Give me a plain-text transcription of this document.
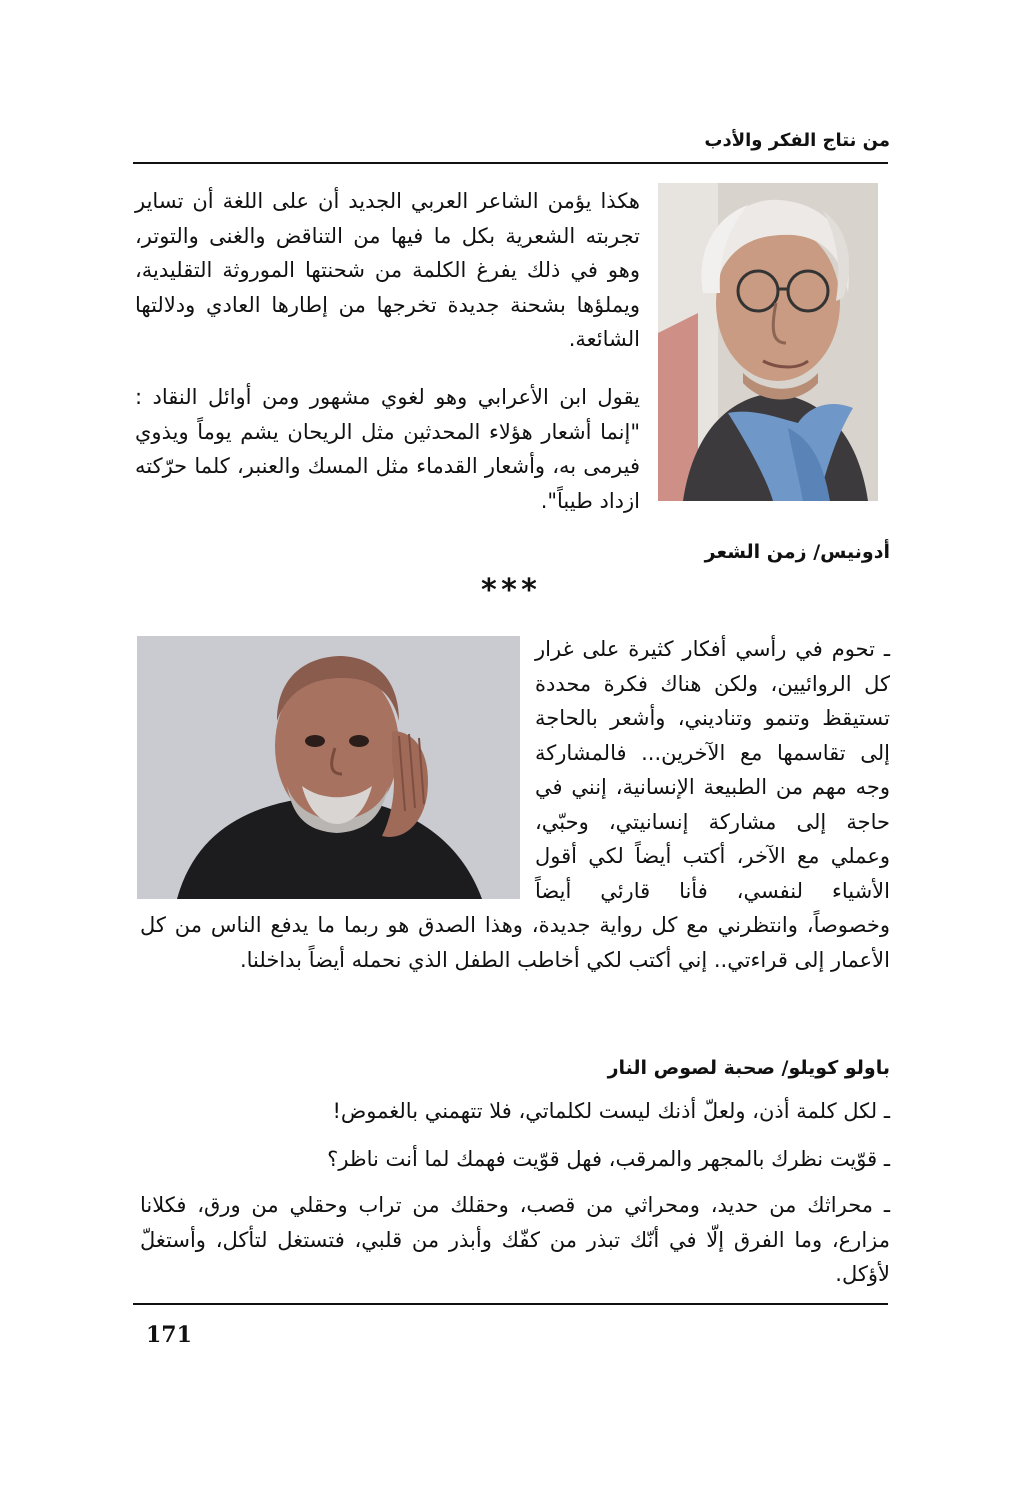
من نتاج الفكر والأدب

هكذا يؤمن الشاعر العربي الجديد أن على اللغة أن تساير تجربته الشعرية بكل ما فيها من التناقض والغنى والتوتر، وهو في ذلك يفرغ الكلمة من شحنتها الموروثة التقليدية، ويملؤها بشحنة جديدة تخرجها من إطارها العادي ودلالتها الشائعة.

يقول ابن الأعرابي وهو لغوي مشهور ومن أوائل النقاد : "إنما أشعار هؤلاء المحدثين مثل الريحان يشم يوماً ويذوي فيرمى به، وأشعار القدماء مثل المسك والعنبر، كلما حرّكته ازداد طيباً".

أدونيس/ زمن الشعر
***

ـ تحوم في رأسي أفكار كثيرة على غرار كل الروائيين، ولكن هناك فكرة محددة تستيقظ وتنمو وتناديني، وأشعر بالحاجة إلى تقاسمها مع الآخرين... فالمشاركة وجه مهم من الطبيعة الإنسانية، إنني في حاجة إلى مشاركة إنسانيتي، وحبّي، وعملي مع الآخر، أكتب أيضاً لكي أقول الأشياء لنفسي، فأنا قارئي أيضاً وخصوصاً، وانتظرني مع كل رواية جديدة، وهذا الصدق هو ربما ما يدفع الناس من كل الأعمار إلى قراءتي.. إني أكتب لكي أخاطب الطفل الذي نحمله أيضاً بداخلنا.

باولو كويلو/ صحبة لصوص النار

ـ لكل كلمة أذن، ولعلّ أذنك ليست لكلماتي، فلا تتهمني بالغموض!

ـ قوّيت نظرك بالمجهر والمرقب، فهل قوّيت فهمك لما أنت ناظر؟

ـ محراثك من حديد، ومحراثي من قصب، وحقلك من تراب وحقلي من ورق، فكلانا مزارع، وما الفرق إلّا في أنّك تبذر من كفّك وأبذر من قلبي، فتستغل لتأكل، وأستغلّ لأؤكل.

171
